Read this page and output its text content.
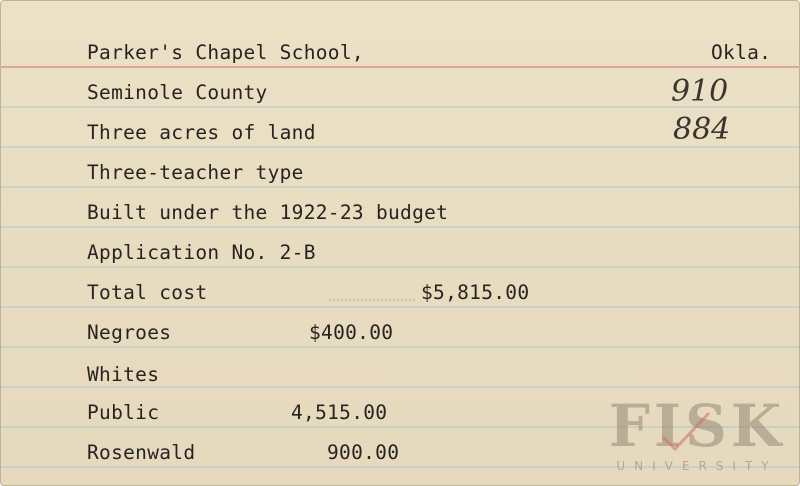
Parker's Chapel School,	Okla.
Seminole County	910
Three acres of land	884
Three-teacher type
Built under the 1922-23 budget
Application No. 2-B
Total cost	$5,815.00
Negroes	$400.00
Whites
Public	4,515.00
Rosenwald	900.00	FISK
UNIVERSITY
